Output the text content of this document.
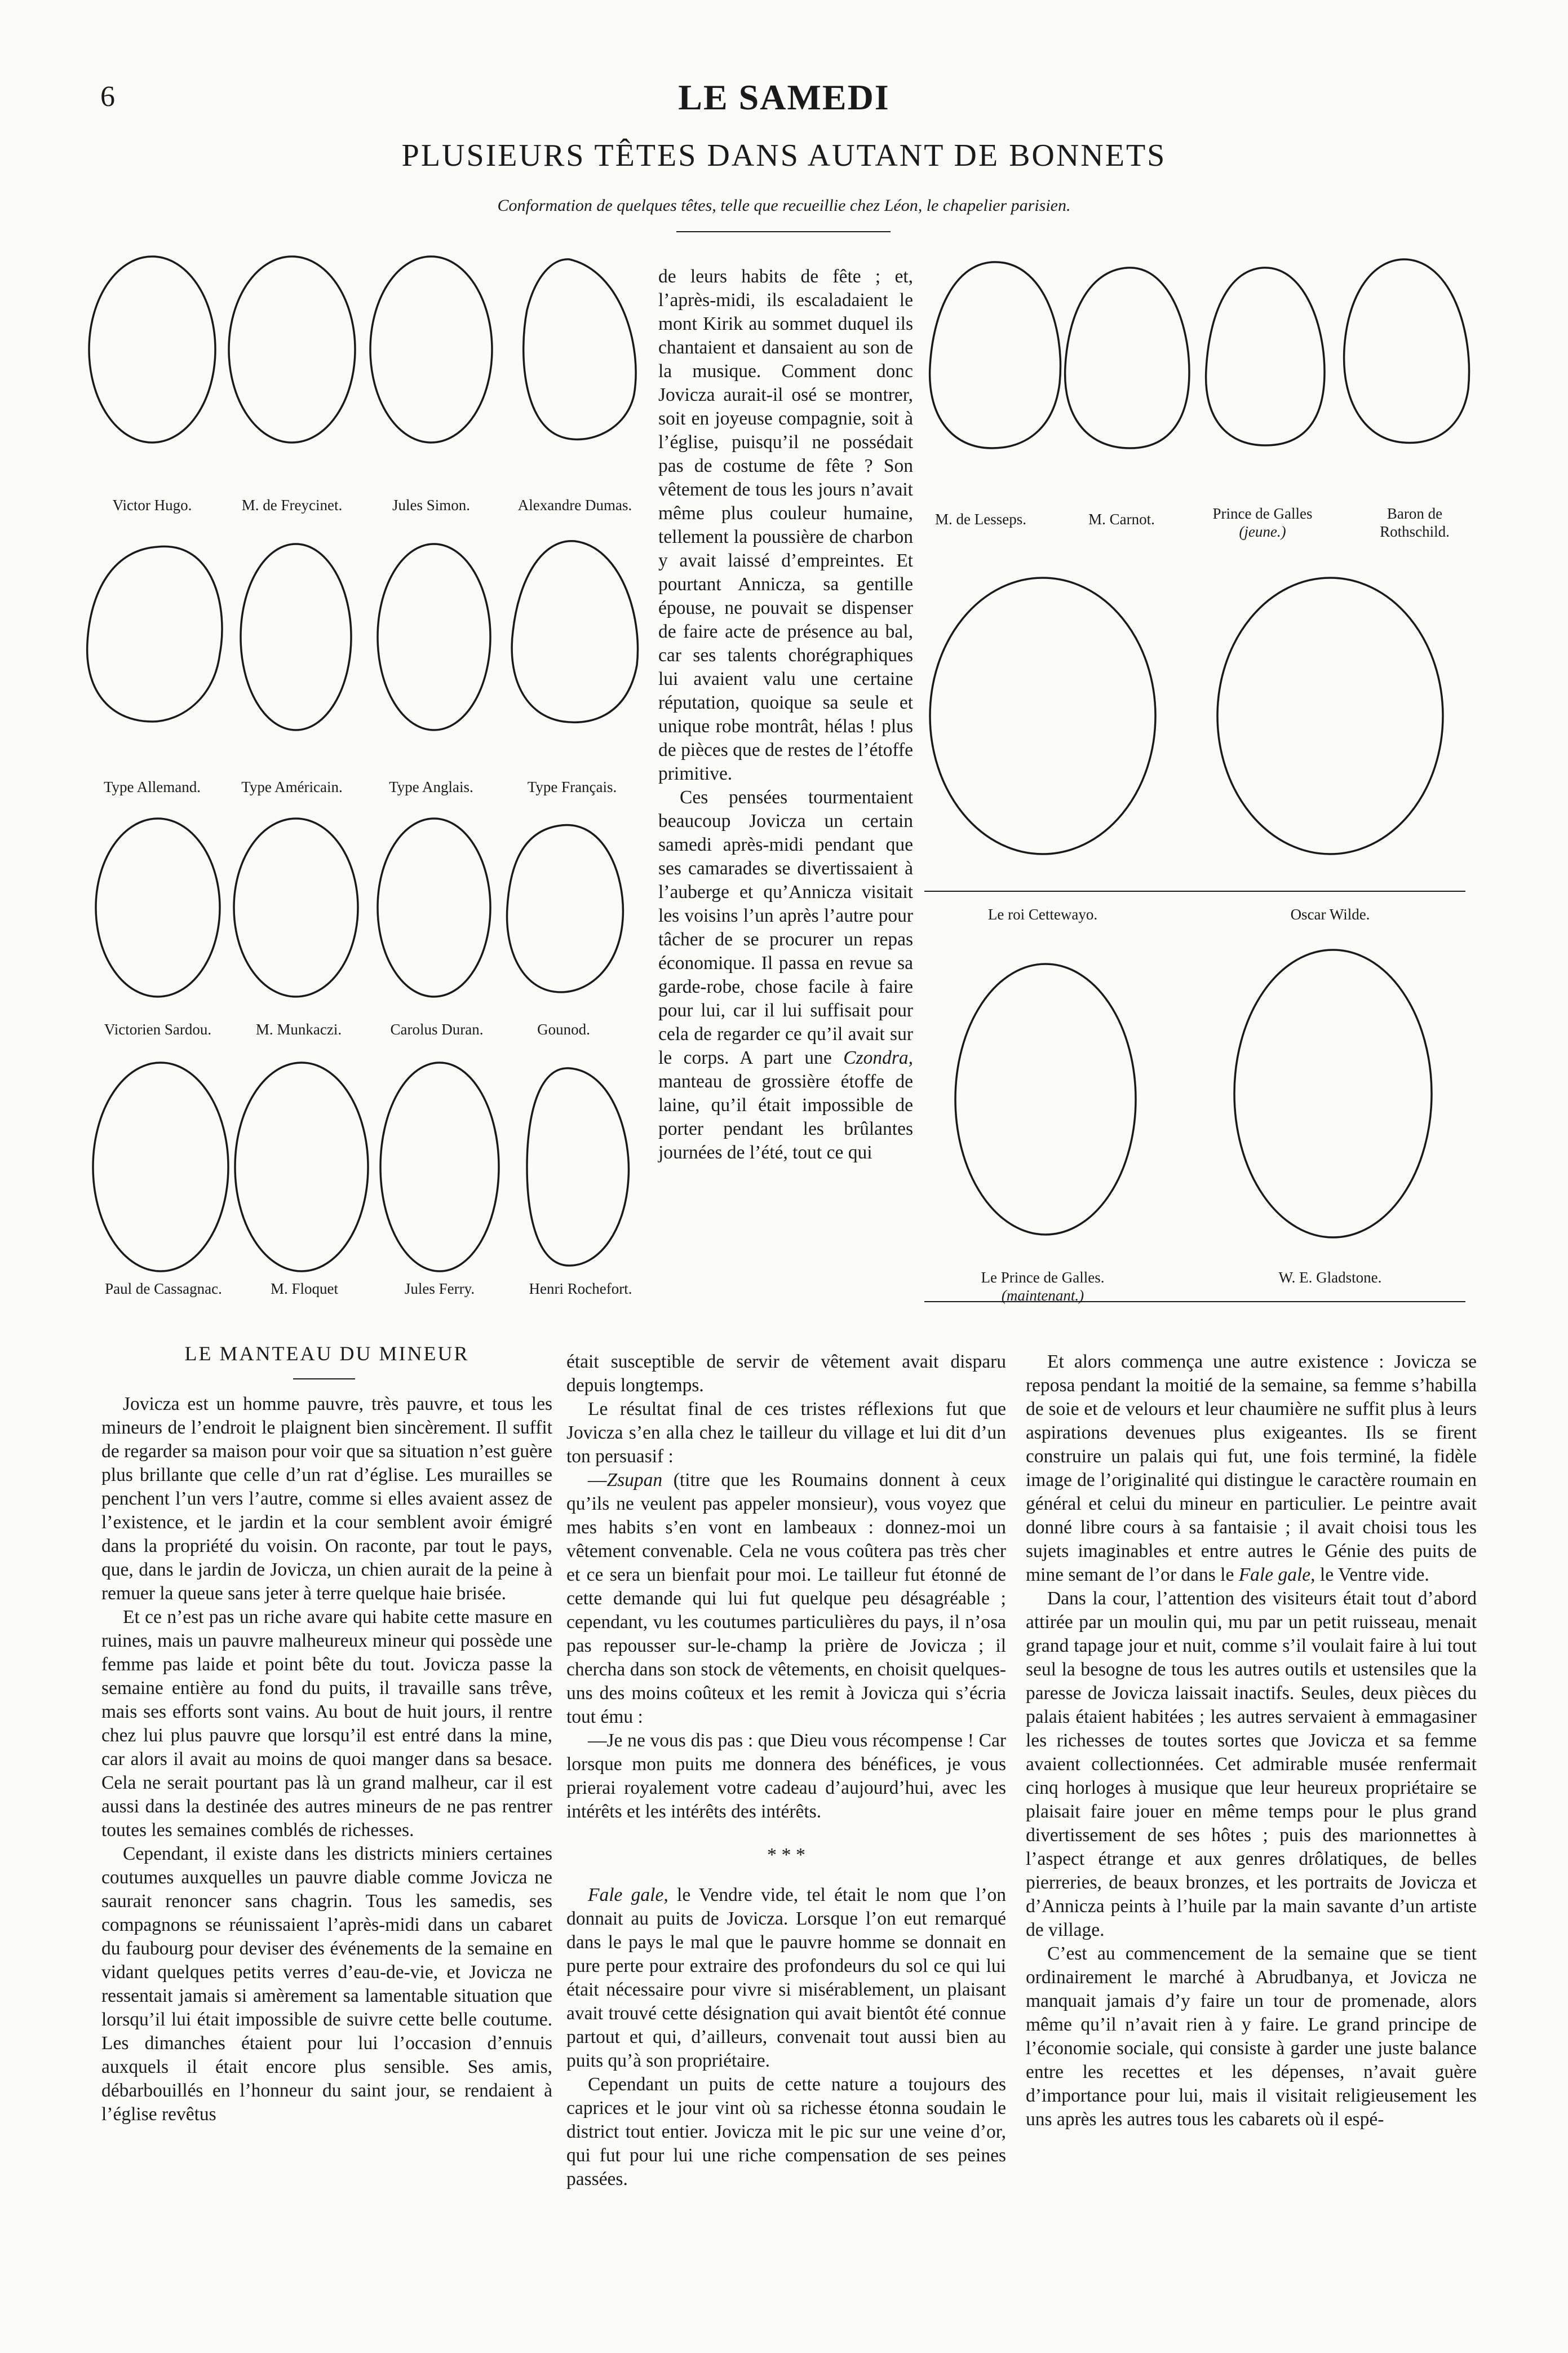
6	LE SAMEDI
PLUSIEURS TÊTES DANS AUTANT DE BONNETS
Conformation de quelques têtes, telle que recueillie chez Léon, le chapelier parisien.
Victor Hugo.	M. de Freycinet.	Jules Simon.	Alexandre Dumas.
Type Allemand.	Type Américain.	Type Anglais.	Type Français.
Victorien Sardou.	M. Munkaczi.	Carolus Duran.	Gounod.
Paul de Cassagnac.	M. Floquet	Jules Ferry.	Henri Rochefort.

de leurs habits de fête ; et, l’après-midi, ils escaladaient le mont Kirik au sommet duquel ils chantaient et dansaient au son de la musique. Comment donc Jovicza aurait-il osé se montrer, soit en joyeuse compagnie, soit à l’église, puisqu’il ne possédait pas de costume de fête ? Son vêtement de tous les jours n’avait même plus couleur humaine, tellement la poussière de charbon y avait laissé d’empreintes. Et pourtant Annicza, sa gentille épouse, ne pouvait se dispenser de faire acte de présence au bal, car ses talents chorégraphiques lui avaient valu une certaine réputation, quoique sa seule et unique robe montrât, hélas ! plus de pièces que de restes de l’étoffe primitive.

Ces pensées tourmentaient beaucoup Jovicza un certain samedi après-midi pendant que ses camarades se divertissaient à l’auberge et qu’Annicza visitait les voisins l’un après l’autre pour tâcher de se procurer un repas économique. Il passa en revue sa garde-robe, chose facile à faire pour lui, car il lui suffisait pour cela de regarder ce qu’il avait sur le corps. A part une Czondra, manteau de grossière étoffe de laine, qu’il était impossible de porter pendant les brûlantes journées de l’été, tout ce qui

M. de Lesseps.	M. Carnot.	Prince de Galles
(jeune.)
Baron de
Rothschild.
Le roi Cettewayo.	Oscar Wilde.
Le Prince de Galles.
(maintenant.)
W. E. Gladstone.
LE MANTEAU DU MINEUR

Jovicza est un homme pauvre, très pauvre, et tous les mineurs de l’endroit le plaignent bien sincèrement. Il suffit de regarder sa maison pour voir que sa situation n’est guère plus brillante que celle d’un rat d’église. Les murailles se penchent l’un vers l’autre, comme si elles avaient assez de l’existence, et le jardin et la cour semblent avoir émigré dans la propriété du voisin. On raconte, par tout le pays, que, dans le jardin de Jovicza, un chien aurait de la peine à remuer la queue sans jeter à terre quelque haie brisée.

Et ce n’est pas un riche avare qui habite cette masure en ruines, mais un pauvre malheureux mineur qui possède une femme pas laide et point bête du tout. Jovicza passe la semaine entière au fond du puits, il travaille sans trêve, mais ses efforts sont vains. Au bout de huit jours, il rentre chez lui plus pauvre que lorsqu’il est entré dans la mine, car alors il avait au moins de quoi manger dans sa besace. Cela ne serait pourtant pas là un grand malheur, car il est aussi dans la destinée des autres mineurs de ne pas rentrer toutes les semaines comblés de richesses.

Cependant, il existe dans les districts miniers certaines coutumes auxquelles un pauvre diable comme Jovicza ne saurait renoncer sans chagrin. Tous les samedis, ses compagnons se réunissaient l’après-midi dans un cabaret du faubourg pour deviser des événements de la semaine en vidant quelques petits verres d’eau-de-vie, et Jovicza ne ressentait jamais si amèrement sa lamentable situation que lorsqu’il lui était impossible de suivre cette belle coutume. Les dimanches étaient pour lui l’occasion d’ennuis auxquels il était encore plus sensible. Ses amis, débarbouillés en l’honneur du saint jour, se rendaient à l’église revêtus

était susceptible de servir de vêtement avait disparu depuis longtemps.

Le résultat final de ces tristes réflexions fut que Jovicza s’en alla chez le tailleur du village et lui dit d’un ton persuasif :

—Zsupan (titre que les Roumains donnent à ceux qu’ils ne veulent pas appeler monsieur), vous voyez que mes habits s’en vont en lambeaux : donnez-moi un vêtement convenable. Cela ne vous coûtera pas très cher et ce sera un bienfait pour moi. Le tailleur fut étonné de cette demande qui lui fut quelque peu désagréable ; cependant, vu les coutumes particulières du pays, il n’osa pas repousser sur-le-champ la prière de Jovicza ; il chercha dans son stock de vêtements, en choisit quelques-uns des moins coûteux et les remit à Jovicza qui s’écria tout ému :

—Je ne vous dis pas : que Dieu vous récompense ! Car lorsque mon puits me donnera des bénéfices, je vous prierai royalement votre cadeau d’aujourd’hui, avec les intérêts et les intérêts des intérêts.

* * *

Fale gale, le Vendre vide, tel était le nom que l’on donnait au puits de Jovicza. Lorsque l’on eut remarqué dans le pays le mal que le pauvre homme se donnait en pure perte pour extraire des profondeurs du sol ce qui lui était nécessaire pour vivre si misérablement, un plaisant avait trouvé cette désignation qui avait bientôt été connue partout et qui, d’ailleurs, convenait tout aussi bien au puits qu’à son propriétaire.

Cependant un puits de cette nature a toujours des caprices et le jour vint où sa richesse étonna soudain le district tout entier. Jovicza mit le pic sur une veine d’or, qui fut pour lui une riche compensation de ses peines passées.

Et alors commença une autre existence : Jovicza se reposa pendant la moitié de la semaine, sa femme s’habilla de soie et de velours et leur chaumière ne suffit plus à leurs aspirations devenues plus exigeantes. Ils se firent construire un palais qui fut, une fois terminé, la fidèle image de l’originalité qui distingue le caractère roumain en général et celui du mineur en particulier. Le peintre avait donné libre cours à sa fantaisie ; il avait choisi tous les sujets imaginables et entre autres le Génie des puits de mine semant de l’or dans le Fale gale, le Ventre vide.

Dans la cour, l’attention des visiteurs était tout d’abord attirée par un moulin qui, mu par un petit ruisseau, menait grand tapage jour et nuit, comme s’il voulait faire à lui tout seul la besogne de tous les autres outils et ustensiles que la paresse de Jovicza laissait inactifs. Seules, deux pièces du palais étaient habitées ; les autres servaient à emmagasiner les richesses de toutes sortes que Jovicza et sa femme avaient collectionnées. Cet admirable musée renfermait cinq horloges à musique que leur heureux propriétaire se plaisait faire jouer en même temps pour le plus grand divertissement de ses hôtes ; puis des marionnettes à l’aspect étrange et aux genres drôlatiques, de belles pierreries, de beaux bronzes, et les portraits de Jovicza et d’Annicza peints à l’huile par la main savante d’un artiste de village.

C’est au commencement de la semaine que se tient ordinairement le marché à Abrudbanya, et Jovicza ne manquait jamais d’y faire un tour de promenade, alors même qu’il n’avait rien à y faire. Le grand principe de l’économie sociale, qui consiste à garder une juste balance entre les recettes et les dépenses, n’avait guère d’importance pour lui, mais il visitait religieusement les uns après les autres tous les cabarets où il espé-
